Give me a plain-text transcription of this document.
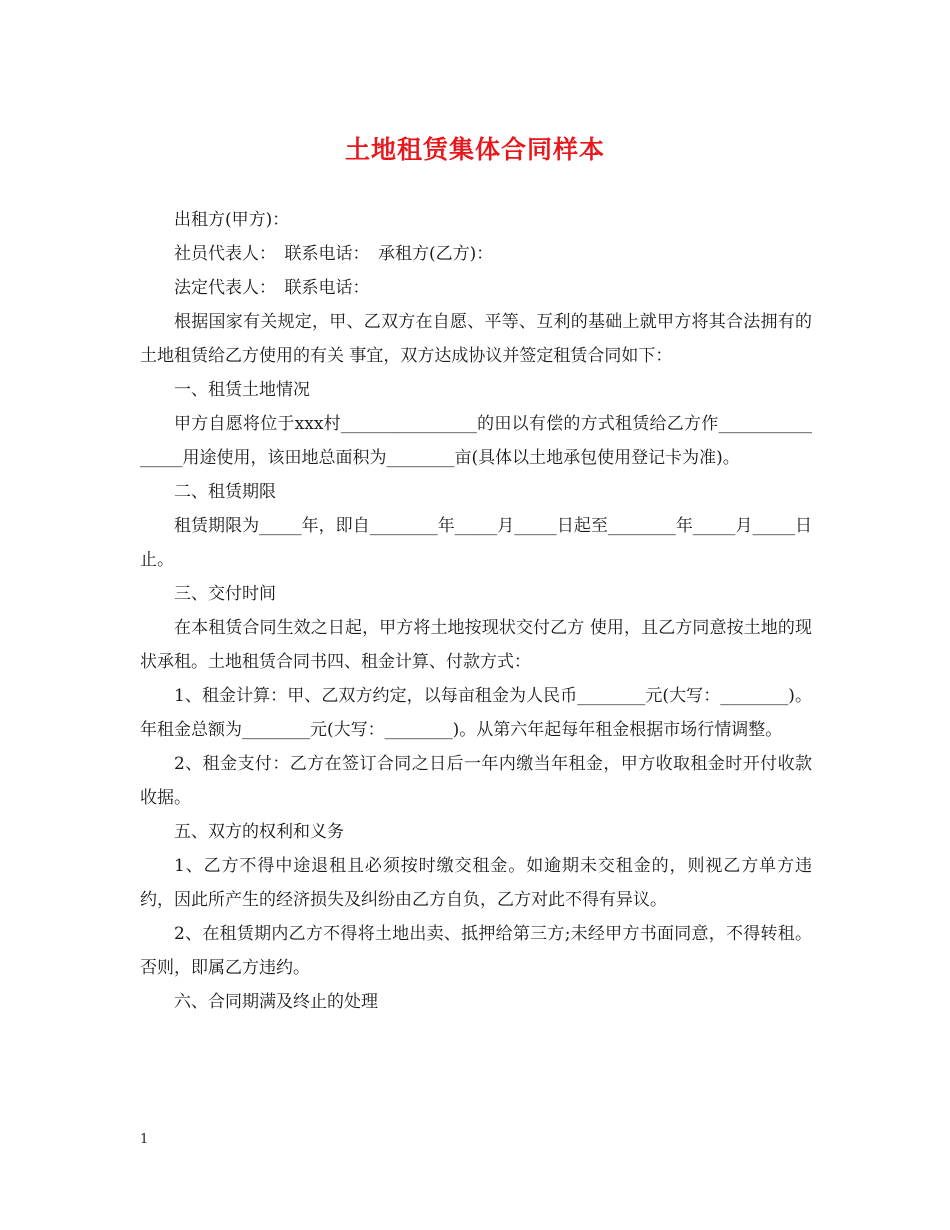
土地租赁集体合同样本

出租方(甲方)：

社员代表人：　联系电话：　承租方(乙方)：

法定代表人：　联系电话：

根据国家有关规定，甲、乙双方在自愿、平等、互利的基础上就甲方将其合法拥有的土地租赁给乙方使用的有关 事宜，双方达成协议并签定租赁合同如下：

一、租赁土地情况

甲方自愿将位于xxx村________________的田以有偿的方式租赁给乙方作________________用途使用，该田地总面积为________亩(具体以土地承包使用登记卡为准)。

二、租赁期限

租赁期限为_____年，即自________年_____月_____日起至________年_____月_____日止。

三、交付时间

在本租赁合同生效之日起，甲方将土地按现状交付乙方 使用，且乙方同意按土地的现状承租。土地租赁合同书四、租金计算、付款方式：

1、租金计算：甲、乙双方约定，以每亩租金为人民币________元(大写：________)。年租金总额为________元(大写：________)。从第六年起每年租金根据市场行情调整。

2、租金支付：乙方在签订合同之日后一年内缴当年租金，甲方收取租金时开付收款收据。

五、双方的权利和义务

1、乙方不得中途退租且必须按时缴交租金。如逾期未交租金的，则视乙方单方违约，因此所产生的经济损失及纠纷由乙方自负，乙方对此不得有异议。

2、在租赁期内乙方不得将土地出卖、抵押给第三方;未经甲方书面同意，不得转租。否则，即属乙方违约。

六、合同期满及终止的处理

1
